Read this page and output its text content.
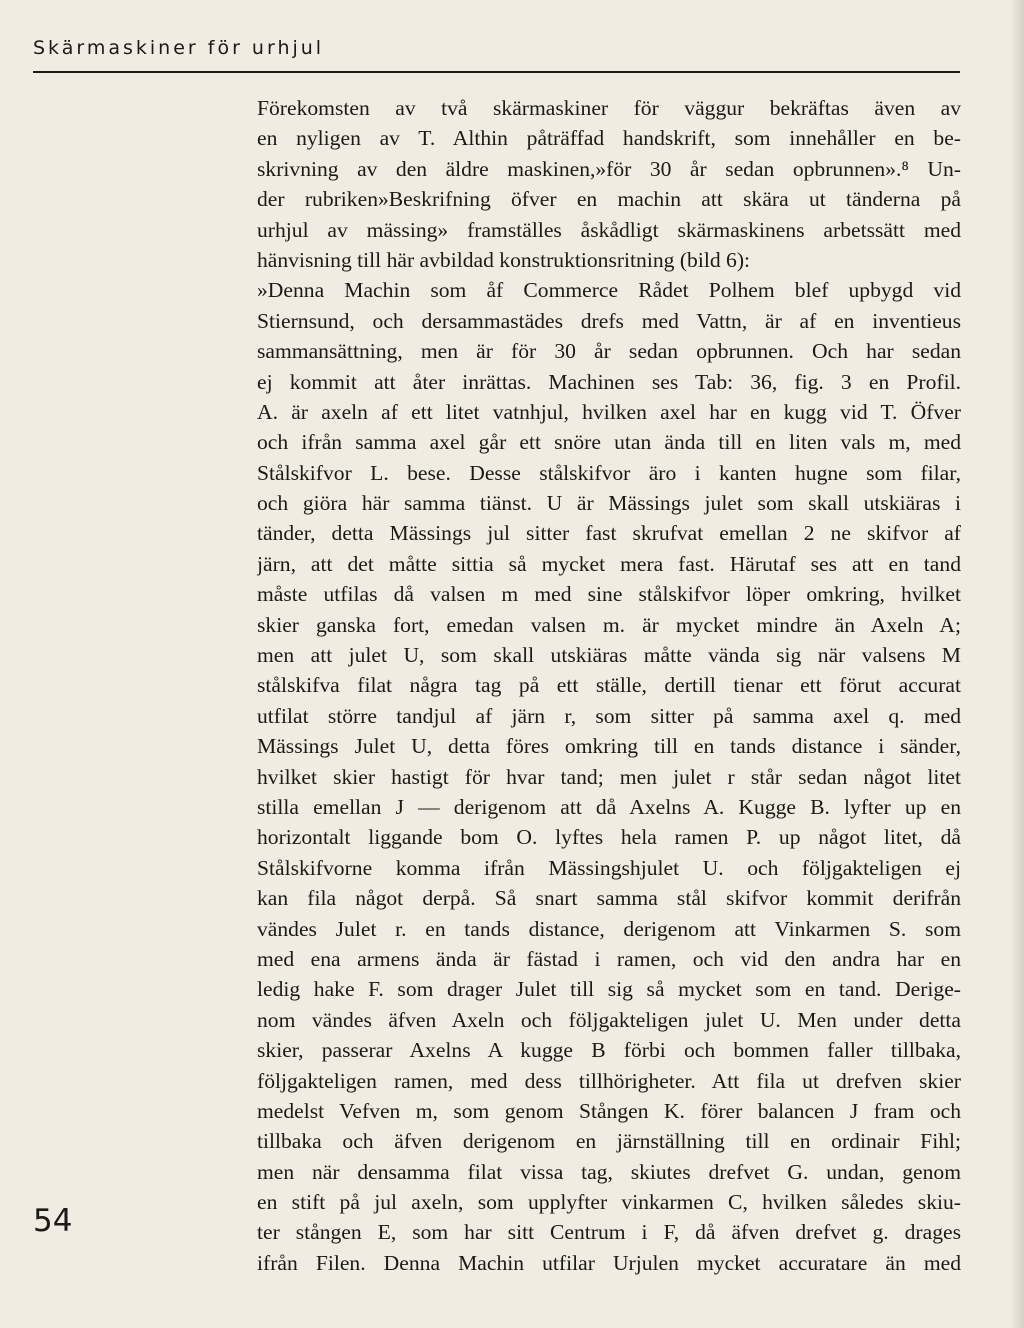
Skärmaskiner för urhjul
Förekomsten av två skärmaskiner för väggur bekräftas även av
en nyligen av T. Althin påträffad handskrift, som innehåller en be-
skrivning av den äldre maskinen,»för 30 år sedan opbrunnen».⁸ Un-
der rubriken»Beskrifning öfver en machin att skära ut tänderna på
urhjul av mässing» framställes åskådligt skärmaskinens arbetssätt med
hänvisning till här avbildad konstruktionsritning (bild 6):
»Denna Machin som åf Commerce Rådet Polhem blef upbygd vid
Stiernsund, och dersammastädes drefs med Vattn, är af en inventieus
sammansättning, men är för 30 år sedan opbrunnen. Och har sedan
ej kommit att åter inrättas. Machinen ses Tab: 36, fig. 3 en Profil.
A. är axeln af ett litet vatnhjul, hvilken axel har en kugg vid T. Öfver
och ifrån samma axel går ett snöre utan ända till en liten vals m, med
Stålskifvor L. bese. Desse stålskifvor äro i kanten hugne som filar,
och giöra här samma tiänst. U är Mässings julet som skall utskiäras i
tänder, detta Mässings jul sitter fast skrufvat emellan 2 ne skifvor af
järn, att det måtte sittia så mycket mera fast. Härutaf ses att en tand
måste utfilas då valsen m med sine stålskifvor löper omkring, hvilket
skier ganska fort, emedan valsen m. är mycket mindre än Axeln A;
men att julet U, som skall utskiäras måtte vända sig när valsens M
stålskifva filat några tag på ett ställe, dertill tienar ett förut accurat
utfilat större tandjul af järn r, som sitter på samma axel q. med
Mässings Julet U, detta föres omkring till en tands distance i sänder,
hvilket skier hastigt för hvar tand; men julet r står sedan något litet
stilla emellan J — derigenom att då Axelns A. Kugge B. lyfter up en
horizontalt liggande bom O. lyftes hela ramen P. up något litet, då
Stålskifvorne komma ifrån Mässingshjulet U. och följgakteligen ej
kan fila något derpå. Så snart samma stål skifvor kommit derifrån
vändes Julet r. en tands distance, derigenom att Vinkarmen S. som
med ena armens ända är fästad i ramen, och vid den andra har en
ledig hake F. som drager Julet till sig så mycket som en tand. Derige-
nom vändes äfven Axeln och följgakteligen julet U. Men under detta
skier, passerar Axelns A kugge B förbi och bommen faller tillbaka,
följgakteligen ramen, med dess tillhörigheter. Att fila ut drefven skier
medelst Vefven m, som genom Stången K. förer balancen J fram och
tillbaka och äfven derigenom en järnställning till en ordinair Fihl;
men när densamma filat vissa tag, skiutes drefvet G. undan, genom
en stift på jul axeln, som upplyfter vinkarmen C, hvilken således skiu-
ter stången E, som har sitt Centrum i F, då äfven drefvet g. drages
ifrån Filen. Denna Machin utfilar Urjulen mycket accuratare än med
54
